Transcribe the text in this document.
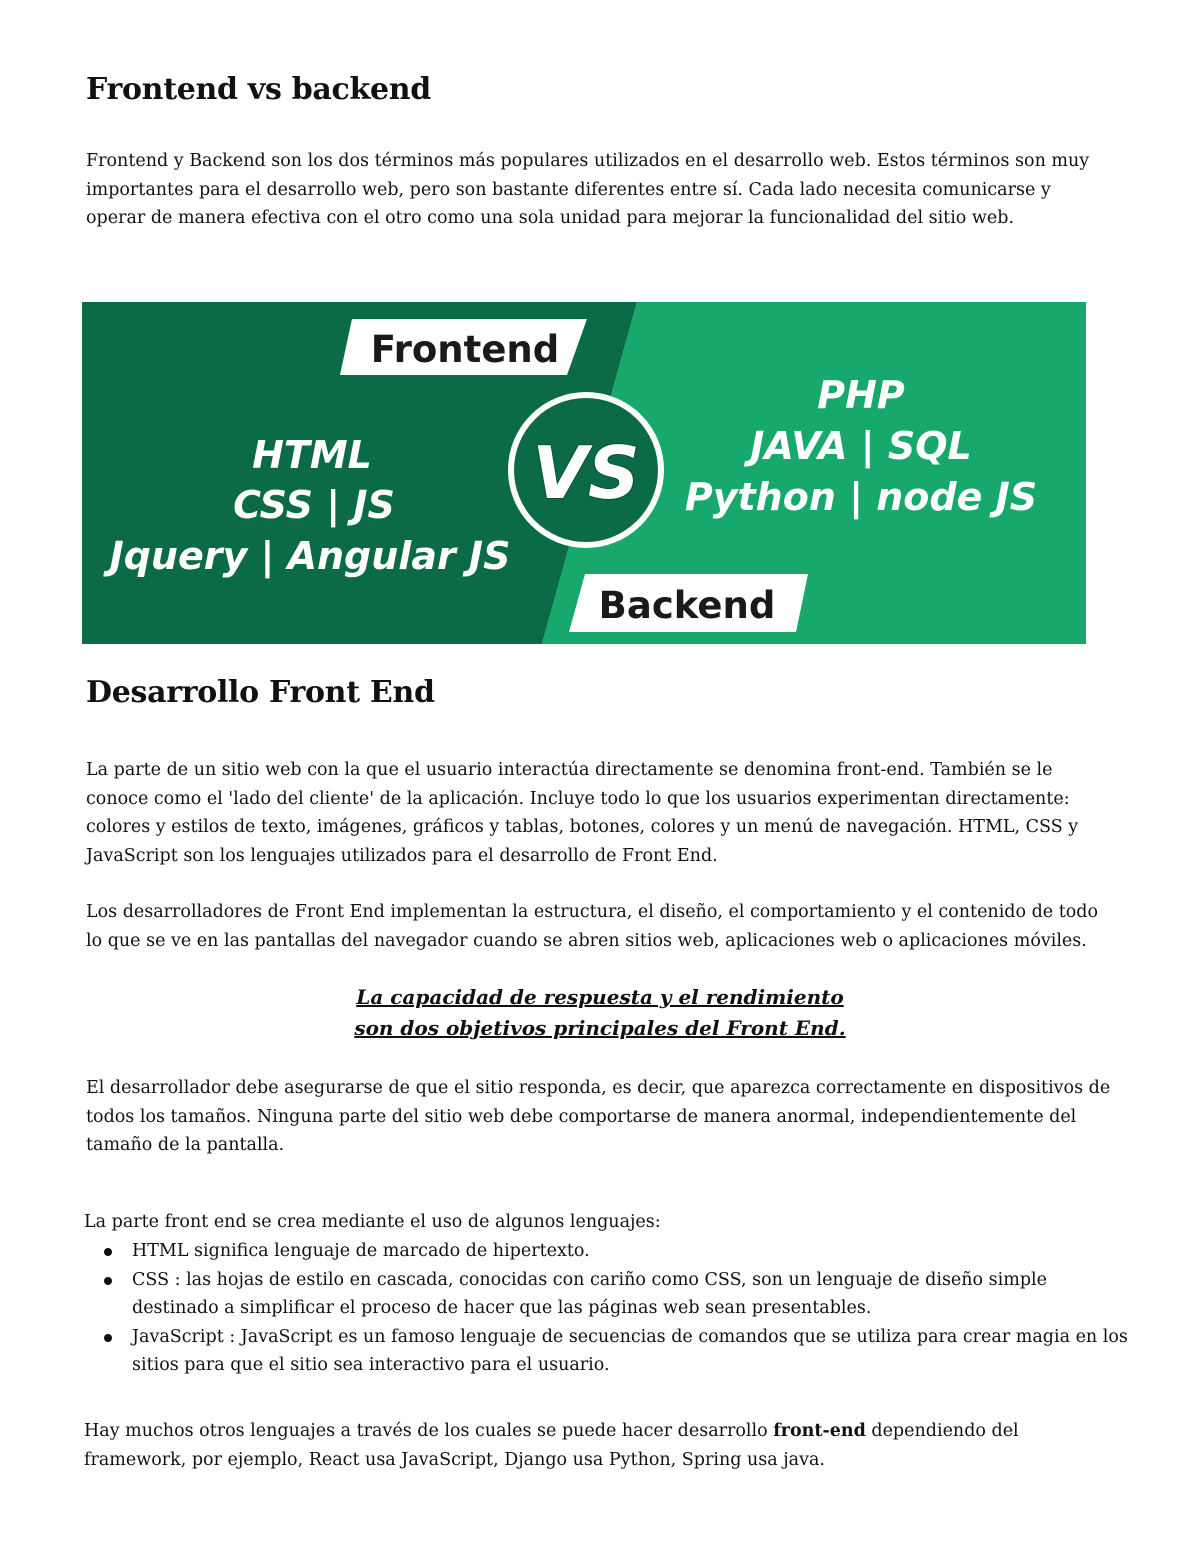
Frontend vs backend

Frontend y Backend son los dos términos más populares utilizados en el desarrollo web. Estos términos son muy importantes para el desarrollo web, pero son bastante diferentes entre sí. Cada lado necesita comunicarse y operar de manera efectiva con el otro como una sola unidad para mejorar la funcionalidad del sitio web.

Frontend
Backend
VS
HTML
CSS | JS
Jquery | Angular JS
PHP
JAVA | SQL
Python | node JS
Desarrollo Front End

La parte de un sitio web con la que el usuario interactúa directamente se denomina front-end. También se le conoce como el 'lado del cliente' de la aplicación. Incluye todo lo que los usuarios experimentan directamente: colores y estilos de texto, imágenes, gráficos y tablas, botones, colores y un menú de navegación. HTML, CSS y JavaScript son los lenguajes utilizados para el desarrollo de Front End.

Los desarrolladores de Front End implementan la estructura, el diseño, el comportamiento y el contenido de todo lo que se ve en las pantallas del navegador cuando se abren sitios web, aplicaciones web o aplicaciones móviles.

La capacidad de respuesta y el rendimiento
son dos objetivos principales del Front End.

El desarrollador debe asegurarse de que el sitio responda, es decir, que aparezca correctamente en dispositivos de todos los tamaños. Ninguna parte del sitio web debe comportarse de manera anormal, independientemente del tamaño de la pantalla.

La parte front end se crea mediante el uso de algunos lenguajes:

HTML significa lenguaje de marcado de hipertexto.
CSS : las hojas de estilo en cascada, conocidas con cariño como CSS, son un lenguaje de diseño simple destinado a simplificar el proceso de hacer que las páginas web sean presentables.
JavaScript : JavaScript es un famoso lenguaje de secuencias de comandos que se utiliza para crear magia en los sitios para que el sitio sea interactivo para el usuario.

Hay muchos otros lenguajes a través de los cuales se puede hacer desarrollo front-end dependiendo del framework, por ejemplo, React usa JavaScript, Django usa Python, Spring usa java.
